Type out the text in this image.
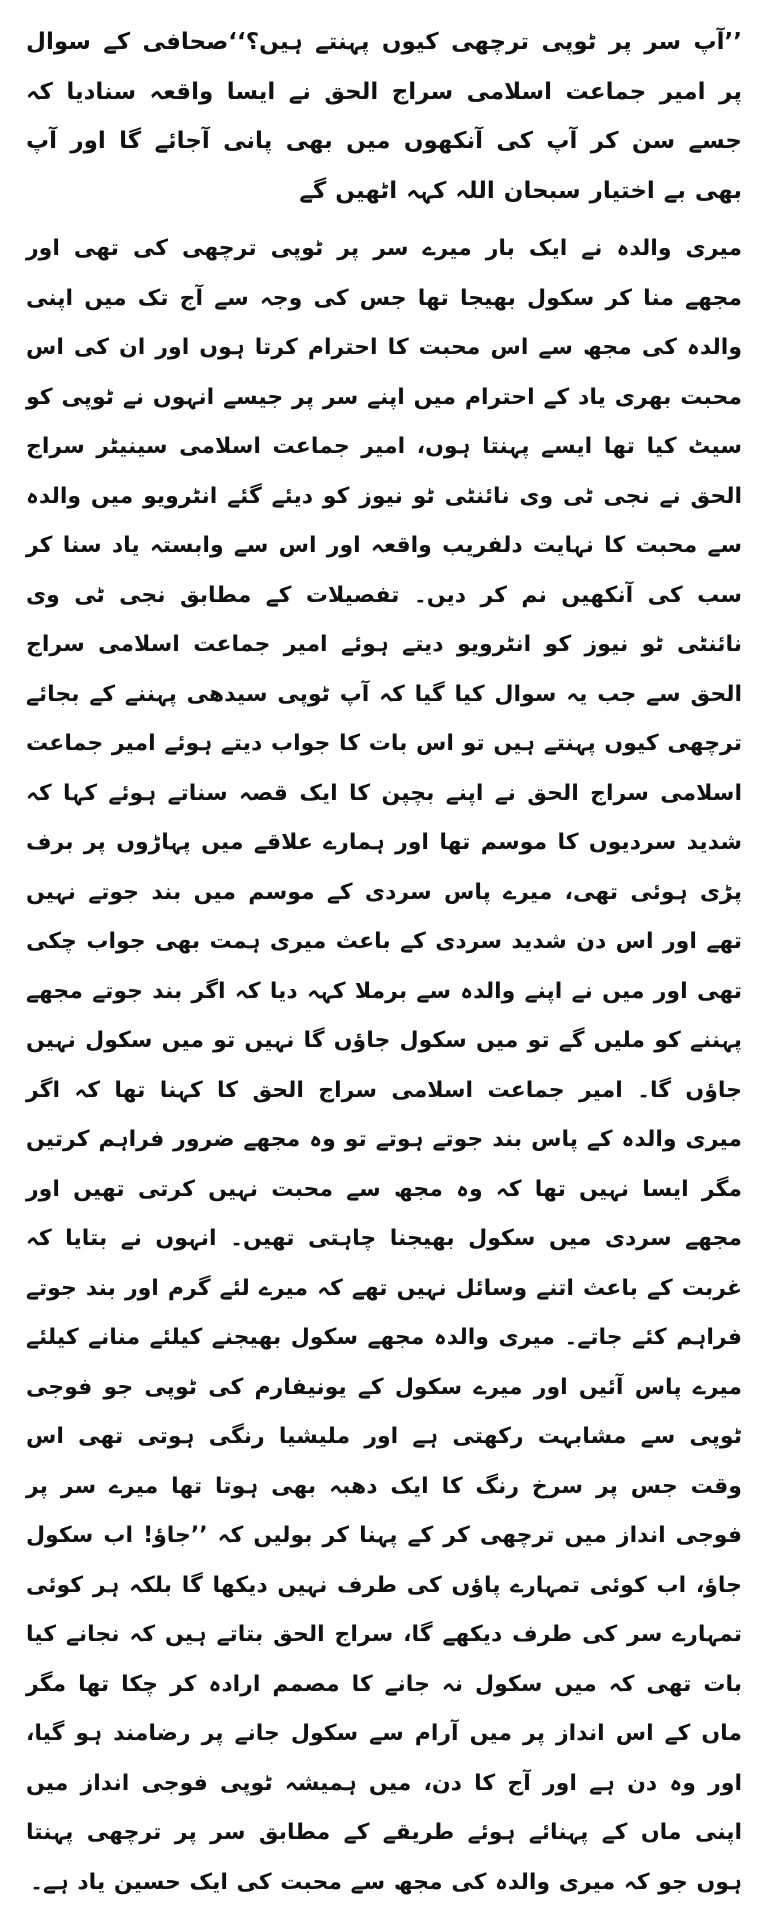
’’آپ سر پر ٹوپی ترچھی کیوں پہنتے ہیں؟‘‘صحافی کے سوال پر امیر جماعت اسلامی سراج الحق نے ایسا واقعہ سنادیا کہ جسے سن کر آپ کی آنکھوں میں بھی پانی آجائے گا اور آپ بھی بے اختیار سبحان اللہ کہہ اٹھیں گے

میری والدہ نے ایک بار میرے سر پر ٹوپی ترچھی کی تھی اور مجھے منا کر سکول بھیجا تھا جس کی وجہ سے آج تک میں اپنی والدہ کی مجھ سے اس محبت کا احترام کرتا ہوں اور ان کی اس محبت بھری یاد کے احترام میں اپنے سر پر جیسے انہوں نے ٹوپی کو سیٹ کیا تھا ایسے پہنتا ہوں، امیر جماعت اسلامی سینیٹر سراج الحق نے نجی ٹی وی نائنٹی ٹو نیوز کو دیئے گئے انٹرویو میں والدہ سے محبت کا نہایت دلفریب واقعہ اور اس سے وابستہ یاد سنا کر سب کی آنکھیں نم کر دیں۔ تفصیلات کے مطابق نجی ٹی وی نائنٹی ٹو نیوز کو انٹرویو دیتے ہوئے امیر جماعت اسلامی سراج الحق سے جب یہ سوال کیا گیا کہ آپ ٹوپی سیدھی پہننے کے بجائے ترچھی کیوں پہنتے ہیں تو اس بات کا جواب دیتے ہوئے امیر جماعت اسلامی سراج الحق نے اپنے بچپن کا ایک قصہ سناتے ہوئے کہا کہ شدید سردیوں کا موسم تھا اور ہمارے علاقے میں پہاڑوں پر برف پڑی ہوئی تھی، میرے پاس سردی کے موسم میں بند جوتے نہیں تھے اور اس دن شدید سردی کے باعث میری ہمت بھی جواب چکی تھی اور میں نے اپنے والدہ سے برملا کہہ دیا کہ اگر بند جوتے مجھے پہننے کو ملیں گے تو میں سکول جاؤں گا نہیں تو میں سکول نہیں جاؤں گا۔ امیر جماعت اسلامی سراج الحق کا کہنا تھا کہ اگر میری والدہ کے پاس بند جوتے ہوتے تو وہ مجھے ضرور فراہم کرتیں مگر ایسا نہیں تھا کہ وہ مجھ سے محبت نہیں کرتی تھیں اور مجھے سردی میں سکول بھیجنا چاہتی تھیں۔ انہوں نے بتایا کہ غربت کے باعث اتنے وسائل نہیں تھے کہ میرے لئے گرم اور بند جوتے فراہم کئے جاتے۔ میری والدہ مجھے سکول بھیجنے کیلئے منانے کیلئے میرے پاس آئیں اور میرے سکول کے یونیفارم کی ٹوپی جو فوجی ٹوپی سے مشابہت رکھتی ہے اور ملیشیا رنگی ہوتی تھی اس وقت جس پر سرخ رنگ کا ایک دھبہ بھی ہوتا تھا میرے سر پر فوجی انداز میں ترچھی کر کے پہنا کر بولیں کہ ’’جاؤ! اب سکول جاؤ، اب کوئی تمہارے پاؤں کی طرف نہیں دیکھا گا بلکہ ہر کوئی تمہارے سر کی طرف دیکھے گا، سراج الحق بتاتے ہیں کہ نجانے کیا بات تھی کہ میں سکول نہ جانے کا مصمم ارادہ کر چکا تھا مگر ماں کے اس انداز پر میں آرام سے سکول جانے پر رضامند ہو گیا، اور وہ دن ہے اور آج کا دن، میں ہمیشہ ٹوپی فوجی انداز میں اپنی ماں کے پہنائے ہوئے طریقے کے مطابق سر پر ترچھی پہنتا ہوں جو کہ میری والدہ کی مجھ سے محبت کی ایک حسین یاد ہے۔
